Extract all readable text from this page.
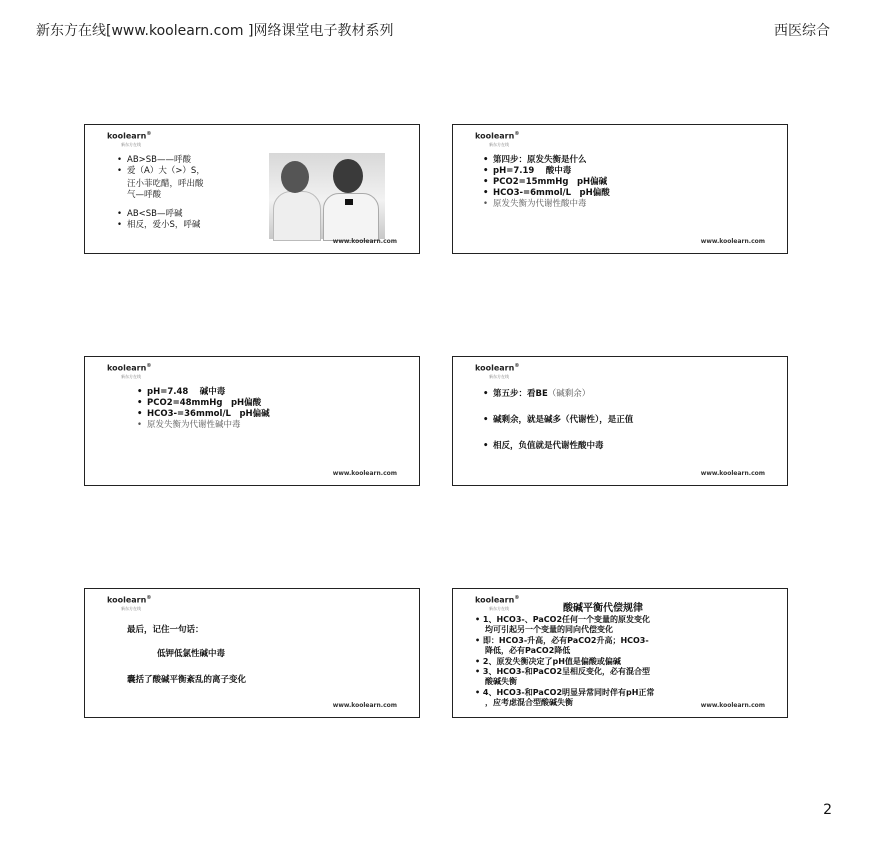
新东方在线[www.koolearn.com ]网络课堂电子教材系列	西医综合
koolearn®
新东方在线
• AB>SB——呼酸
• 爱（A）大（>）S，
汪小菲吃醋，呼出酸
气—呼酸
• AB<SB—呼碱
• 相反，爱小S，呼碱
www.koolearn.com
koolearn®
新东方在线
• 第四步：原发失衡是什么
• pH=7.19　 酸中毒
• PCO2=15mmHg　pH偏碱
• HCO3-=6mmol/L　pH偏酸
• 原发失衡为代谢性酸中毒
www.koolearn.com
koolearn®
新东方在线
• pH=7.48　 碱中毒
• PCO2=48mmHg　pH偏酸
• HCO3-=36mmol/L　pH偏碱
• 原发失衡为代谢性碱中毒
www.koolearn.com
koolearn®
新东方在线
• 第五步：看BE（碱剩余）
• 碱剩余，就是碱多（代谢性），是正值
• 相反，负值就是代谢性酸中毒
www.koolearn.com
koolearn®
新东方在线
最后，记住一句话：
低钾低氯性碱中毒
囊括了酸碱平衡紊乱的离子变化
www.koolearn.com
koolearn®
新东方在线	酸碱平衡代偿规律
• 1、HCO3-、PaCO2任何一个变量的原发变化
均可引起另一个变量的同向代偿变化
• 即：HCO3-升高，必有PaCO2升高；HCO3-
降低，必有PaCO2降低
• 2、原发失衡决定了pH值是偏酸或偏碱
• 3、HCO3-和PaCO2呈相反变化，必有混合型
酸碱失衡
• 4、HCO3-和PaCO2明显异常同时伴有pH正常
，应考虑混合型酸碱失衡	www.koolearn.com
2
